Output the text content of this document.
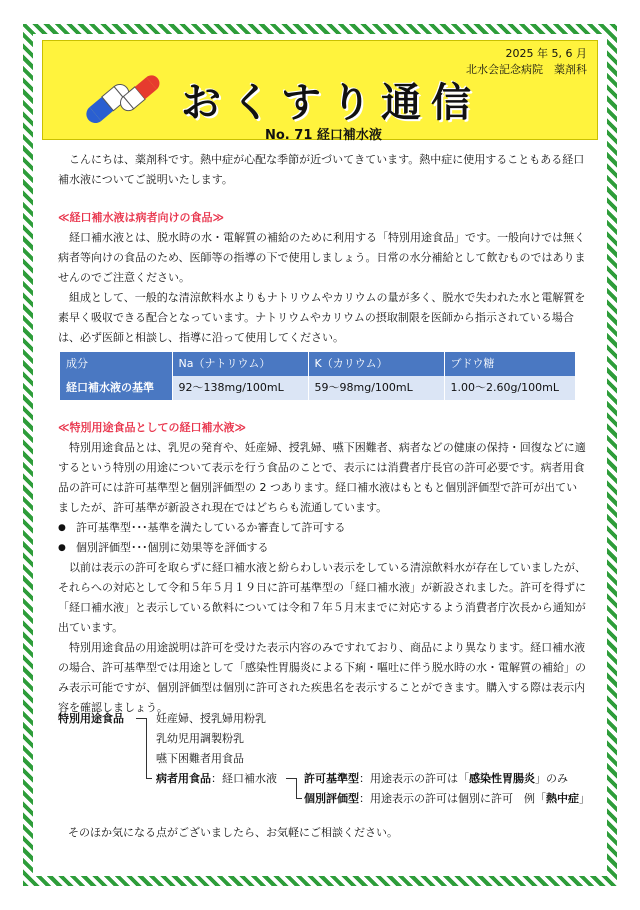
2025 年 5, 6 月
北水会記念病院　薬剤科
おくすり通信
No. 71 経口補水液
こんにちは、薬剤科です。熱中症が心配な季節が近づいてきています。熱中症に使用することもある経口補水液についてご説明いたします。
≪経口補水液は病者向けの食品≫
経口補水液とは、脱水時の水・電解質の補給のために利用する「特別用途食品」です。一般向けでは無く病者等向けの食品のため、医師等の指導の下で使用しましょう。日常の水分補給として飲むものではありませんのでご注意ください。
組成として、一般的な清涼飲料水よりもナトリウムやカリウムの量が多く、脱水で失われた水と電解質を素早く吸収できる配合となっています。ナトリウムやカリウムの摂取制限を医師から指示されている場合は、必ず医師と相談し、指導に沿って使用してください。
成分	Na（ナトリウム）	K（カリウム）	ブドウ糖
経口補水液の基準	92～138mg/100mL	59～98mg/100mL	1.00～2.60g/100mL
≪特別用途食品としての経口補水液≫
特別用途食品とは、乳児の発育や、妊産婦、授乳婦、嚥下困難者、病者などの健康の保持・回復などに適するという特別の用途について表示を行う食品のことで、表示には消費者庁長官の許可必要です。病者用食品の許可には許可基準型と個別評価型の 2 つあります。経口補水液はもともと個別評価型で許可が出ていましたが、許可基準が新設され現在ではどちらも流通しています。
● 許可基準型･･･基準を満たしているか審査して許可する
● 個別評価型･･･個別に効果等を評価する
以前は表示の許可を取らずに経口補水液と紛らわしい表示をしている清涼飲料水が存在していましたが、それらへの対応として令和５年５月１９日に許可基準型の「経口補水液」が新設されました。許可を得ずに「経口補水液」と表示している飲料については令和７年５月末までに対応するよう消費者庁次長から通知が出ています。
特別用途食品の用途説明は許可を受けた表示内容のみですれており、商品により異なります。経口補水液の場合、許可基準型では用途として「感染性胃腸炎による下痢・嘔吐に伴う脱水時の水・電解質の補給」のみ表示可能ですが、個別評価型は個別に許可された疾患名を表示することができます。購入する際は表示内容を確認しましょう。
特別用途食品	妊産婦、授乳婦用粉乳
乳幼児用調製粉乳
嚥下困難者用食品
病者用食品：経口補水液 許可基準型：用途表示の許可は「感染性胃腸炎」のみ
個別評価型：用途表示の許可は個別に許可　例「熱中症」
そのほか気になる点がございましたら、お気軽にご相談ください。
